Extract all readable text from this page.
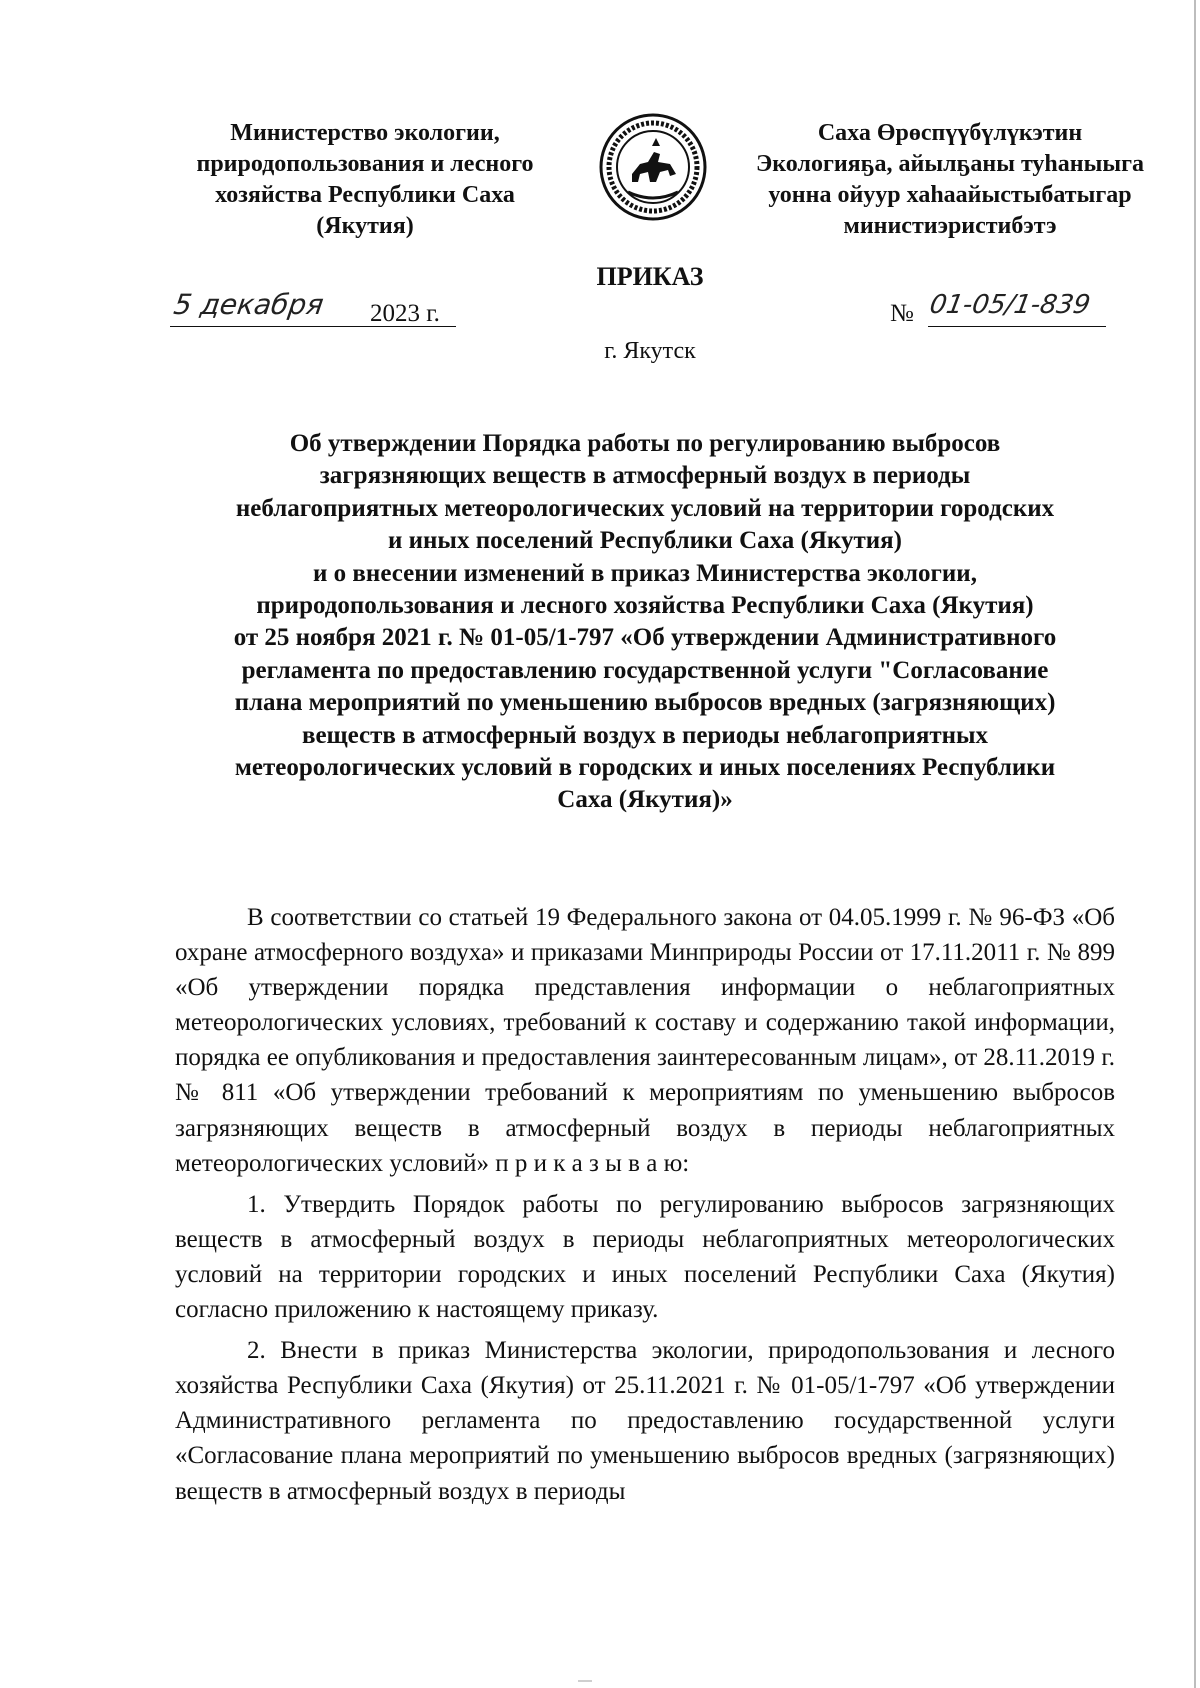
Министерство экологии,
природопользования и лесного
хозяйства Республики Саха
(Якутия)
Саха Өрөспүүбүлүкэтин
Экологияҕа, айылҕаны туһаныыга
уонна ойуур хаһаайыстыбатыгар
министиэристибэтэ
ПРИКАЗ
5 декабря 2023 г.	№ 01-05/1-839
г. Якутск
Об утверждении Порядка работы по регулированию выбросов
загрязняющих веществ в атмосферный воздух в периоды
неблагоприятных метеорологических условий на территории городских
и иных поселений Республики Саха (Якутия)
и о внесении изменений в приказ Министерства экологии,
природопользования и лесного хозяйства Республики Саха (Якутия)
от 25 ноября 2021 г. № 01-05/1-797 «Об утверждении Административного
регламента по предоставлению государственной услуги "Согласование
плана мероприятий по уменьшению выбросов вредных (загрязняющих)
веществ в атмосферный воздух в периоды неблагоприятных
метеорологических условий в городских и иных поселениях Республики
Саха (Якутия)»

В соответствии со статьей 19 Федерального закона от 04.05.1999 г. № 96-ФЗ «Об охране атмосферного воздуха» и приказами Минприроды России от 17.11.2011 г. № 899 «Об утверждении порядка представления информации о неблагоприятных метеорологических условиях, требований к составу и содержанию такой информации, порядка ее опубликования и предоставления заинтересованным лицам», от 28.11.2019 г. № 811 «Об утверждении требований к мероприятиям по уменьшению выбросов загрязняющих веществ в атмосферный воздух в периоды неблагоприятных метеорологических условий» п р и к а з ы в а ю:

1. Утвердить Порядок работы по регулированию выбросов загрязняющих веществ в атмосферный воздух в периоды неблагоприятных метеорологических условий на территории городских и иных поселений Республики Саха (Якутия) согласно приложению к настоящему приказу.

2. Внести в приказ Министерства экологии, природопользования и лесного хозяйства Республики Саха (Якутия) от 25.11.2021 г. № 01-05/1-797 «Об утверждении Административного регламента по предоставлению государственной услуги «Согласование плана мероприятий по уменьшению выбросов вредных (загрязняющих) веществ в атмосферный воздух в периоды
